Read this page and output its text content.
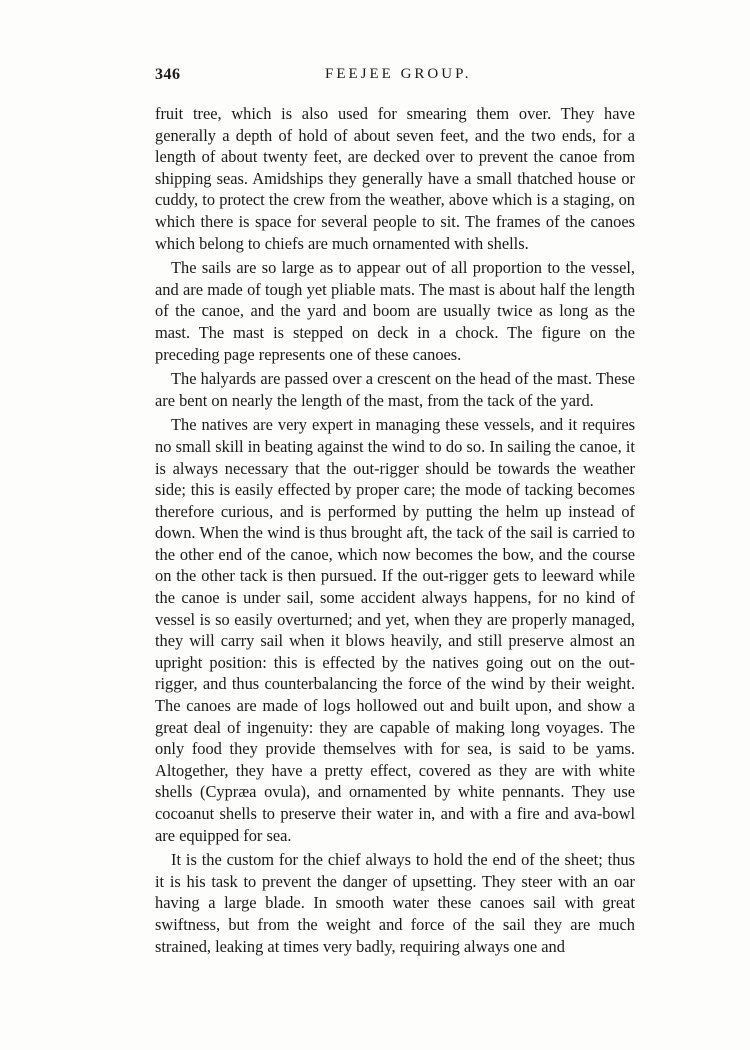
346	FEEJEE GROUP.

fruit tree, which is also used for smearing them over. They have generally a depth of hold of about seven feet, and the two ends, for a length of about twenty feet, are decked over to prevent the canoe from shipping seas. Amidships they generally have a small thatched house or cuddy, to protect the crew from the weather, above which is a staging, on which there is space for several people to sit. The frames of the canoes which belong to chiefs are much ornamented with shells.

The sails are so large as to appear out of all proportion to the vessel, and are made of tough yet pliable mats. The mast is about half the length of the canoe, and the yard and boom are usually twice as long as the mast. The mast is stepped on deck in a chock. The figure on the preceding page represents one of these canoes.

The halyards are passed over a crescent on the head of the mast. These are bent on nearly the length of the mast, from the tack of the yard.

The natives are very expert in managing these vessels, and it requires no small skill in beating against the wind to do so. In sailing the canoe, it is always necessary that the out-rigger should be towards the weather side; this is easily effected by proper care; the mode of tacking becomes therefore curious, and is performed by putting the helm up instead of down. When the wind is thus brought aft, the tack of the sail is carried to the other end of the canoe, which now becomes the bow, and the course on the other tack is then pursued. If the out-rigger gets to leeward while the canoe is under sail, some accident always happens, for no kind of vessel is so easily overturned; and yet, when they are properly managed, they will carry sail when it blows heavily, and still preserve almost an upright position: this is effected by the natives going out on the out-rigger, and thus counterbalancing the force of the wind by their weight. The canoes are made of logs hollowed out and built upon, and show a great deal of ingenuity: they are capable of making long voyages. The only food they provide themselves with for sea, is said to be yams. Altogether, they have a pretty effect, covered as they are with white shells (Cypræa ovula), and ornamented by white pennants. They use cocoanut shells to preserve their water in, and with a fire and ava-bowl are equipped for sea.

It is the custom for the chief always to hold the end of the sheet; thus it is his task to prevent the danger of upsetting. They steer with an oar having a large blade. In smooth water these canoes sail with great swiftness, but from the weight and force of the sail they are much strained, leaking at times very badly, requiring always one and
